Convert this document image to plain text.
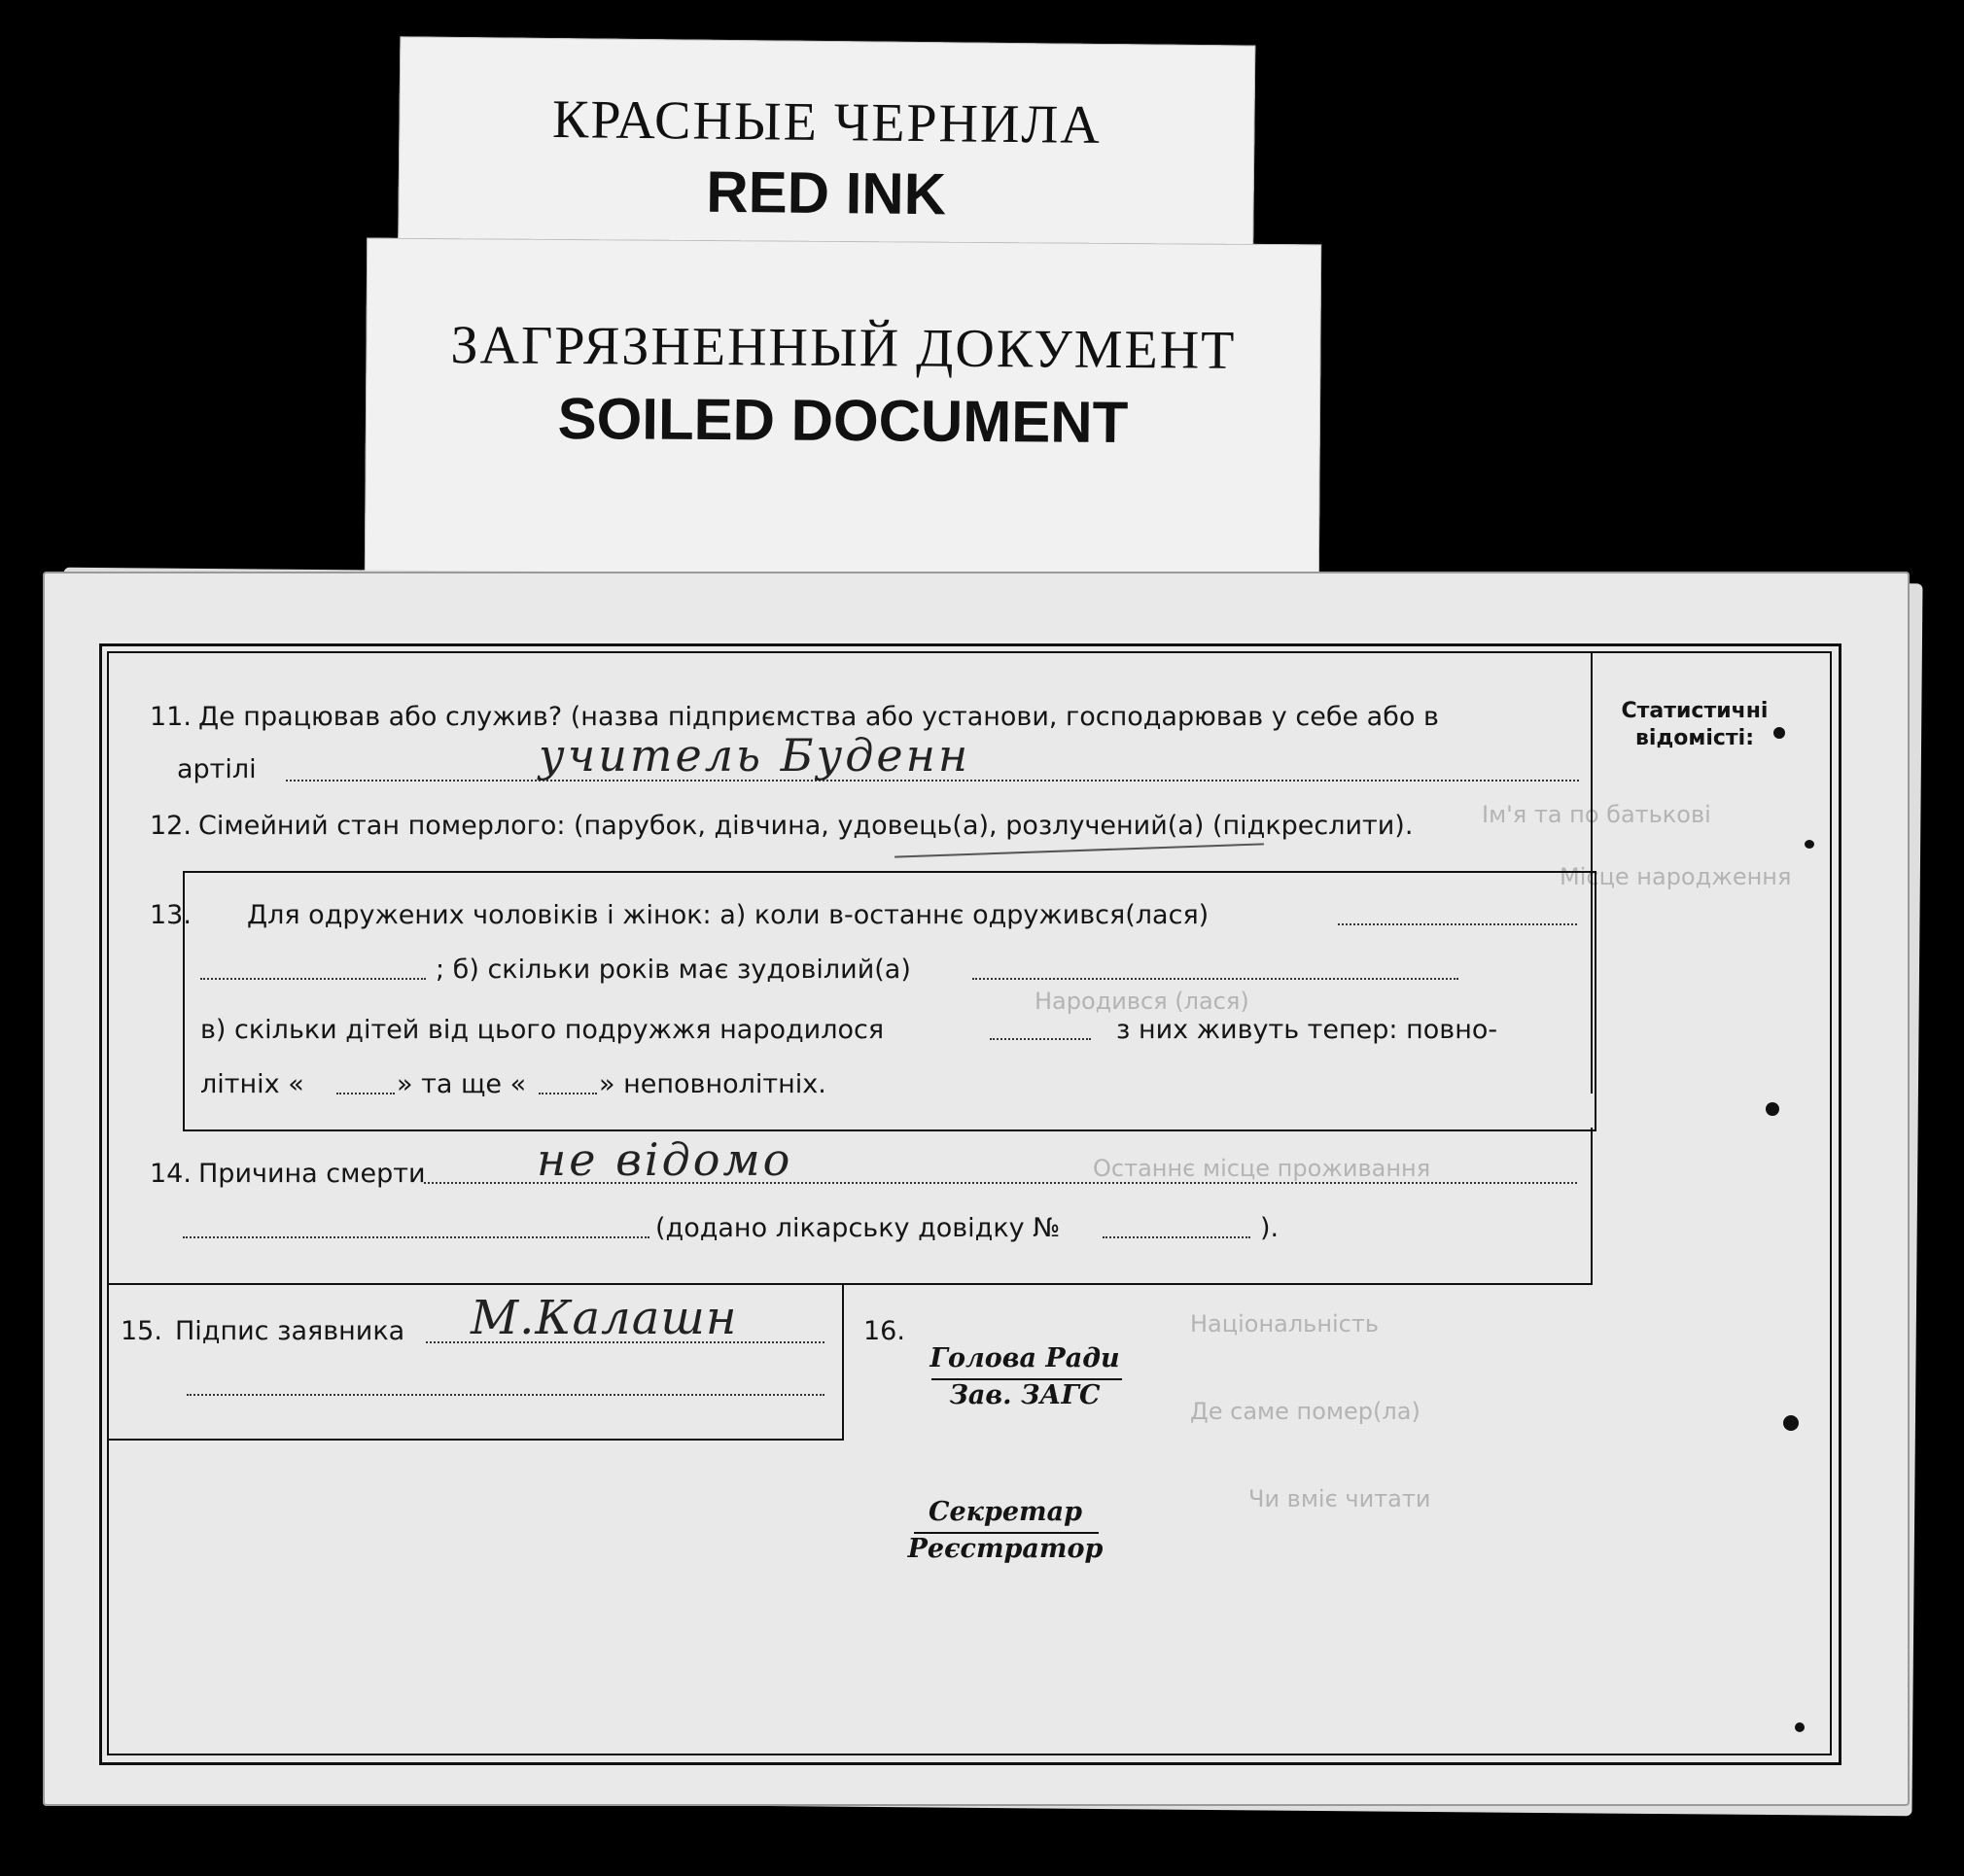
КРАСНЫЕ ЧЕРНИЛА
RED INK
ЗАГРЯЗНЕННЫЙ ДОКУМЕНТ
SOILED DOCUMENT
Ім'я та по батькові
Місце народження
Народився (лася)
Останнє місце проживання
Національність
Де саме помер(ла)
Чи вміє читати
Статистичні відомісті:
11. Де працював або служив? (назва підприємства або установи, господарював у себе або в
артілі	учитель Буденн
12. Сімейний стан померлого: (парубок, дівчина, удовець(а), розлучений(а) (підкреслити).
13. Для одружених чоловіків і жінок: а) коли в-останнє одружився(лася)
; б) скільки років має зудовілий(а)
в) скільки дітей від цього подружжя народилося	з них живуть тепер: повно-
літніх «	» та ще «	» неповнолітніх.
14. Причина смерти не відомо
(додано лікарську довідку №	).
15. Підпис заявника М.Калашн	16.
Голова Ради
Зав. ЗАГС
Секретар
Реєстратор
